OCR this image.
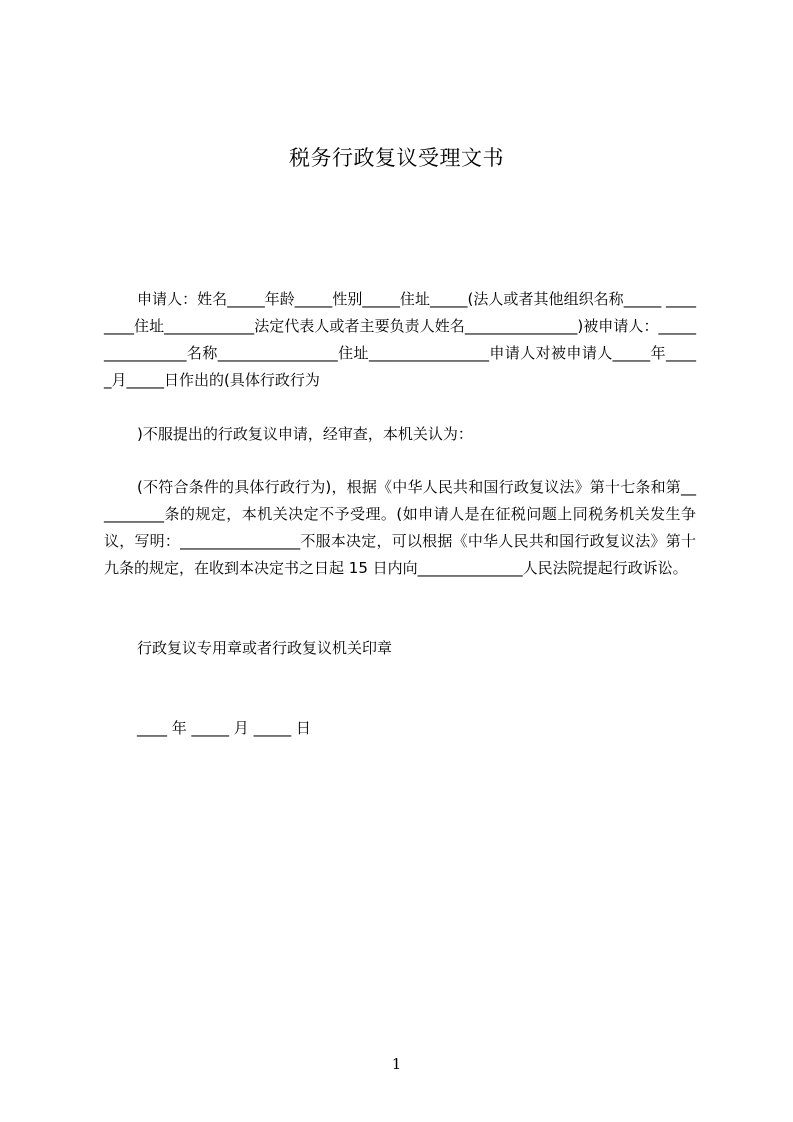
税务行政复议受理文书
申请人：姓名_____年龄_____性别_____住址_____(法人或者其他组织名称_____ ________住址____________法定代表人或者主要负责人姓名_______________)被申请人：________________名称________________住址________________申请人对被申请人_____年_____月_____日作出的(具体行政行为
)不服提出的行政复议申请，经审查，本机关认为：
(不符合条件的具体行政行为)，根据《中华人民共和国行政复议法》第十七条和第__________条的规定，本机关决定不予受理。(如申请人是在征税问题上同税务机关发生争议，写明：________________不服本决定，可以根据《中华人民共和国行政复议法》第十九条的规定，在收到本决定书之日起 15 日内向______________人民法院提起行政诉讼。
行政复议专用章或者行政复议机关印章
____ 年 _____ 月 _____ 日
1
